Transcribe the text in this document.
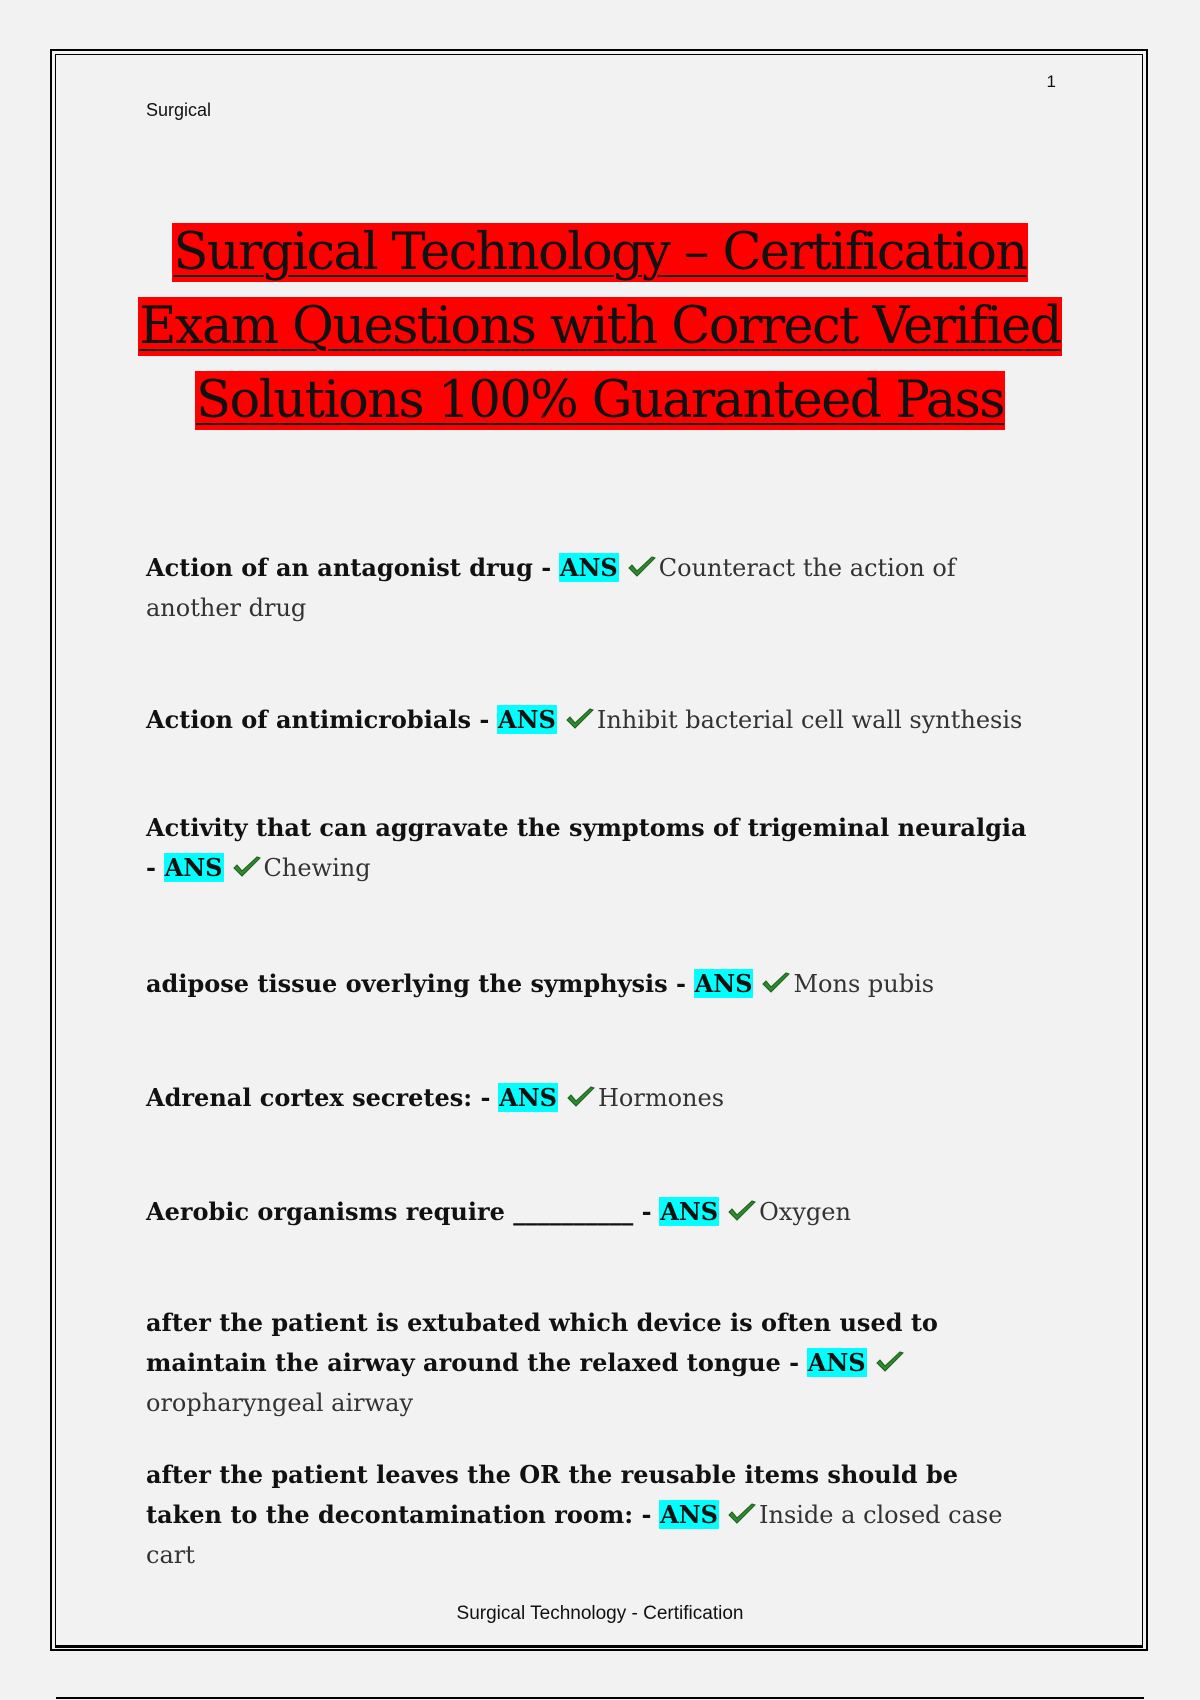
1
Surgical
Surgical Technology – Certification
Exam Questions with Correct Verified
Solutions 100% Guaranteed Pass
Action of an antagonist drug - ANS Counteract the action of another drug
Action of antimicrobials - ANS Inhibit bacterial cell wall synthesis
Activity that can aggravate the symptoms of trigeminal neuralgia - ANS Chewing
adipose tissue overlying the symphysis - ANS Mons pubis
Adrenal cortex secretes: - ANS Hormones
Aerobic organisms require __________ - ANS Oxygen
after the patient is extubated which device is often used to maintain the airway around the relaxed tongue - ANSoropharyngeal airway
after the patient leaves the OR the reusable items should be taken to the decontamination room: - ANS Inside a closed case cart
Surgical Technology - Certification
